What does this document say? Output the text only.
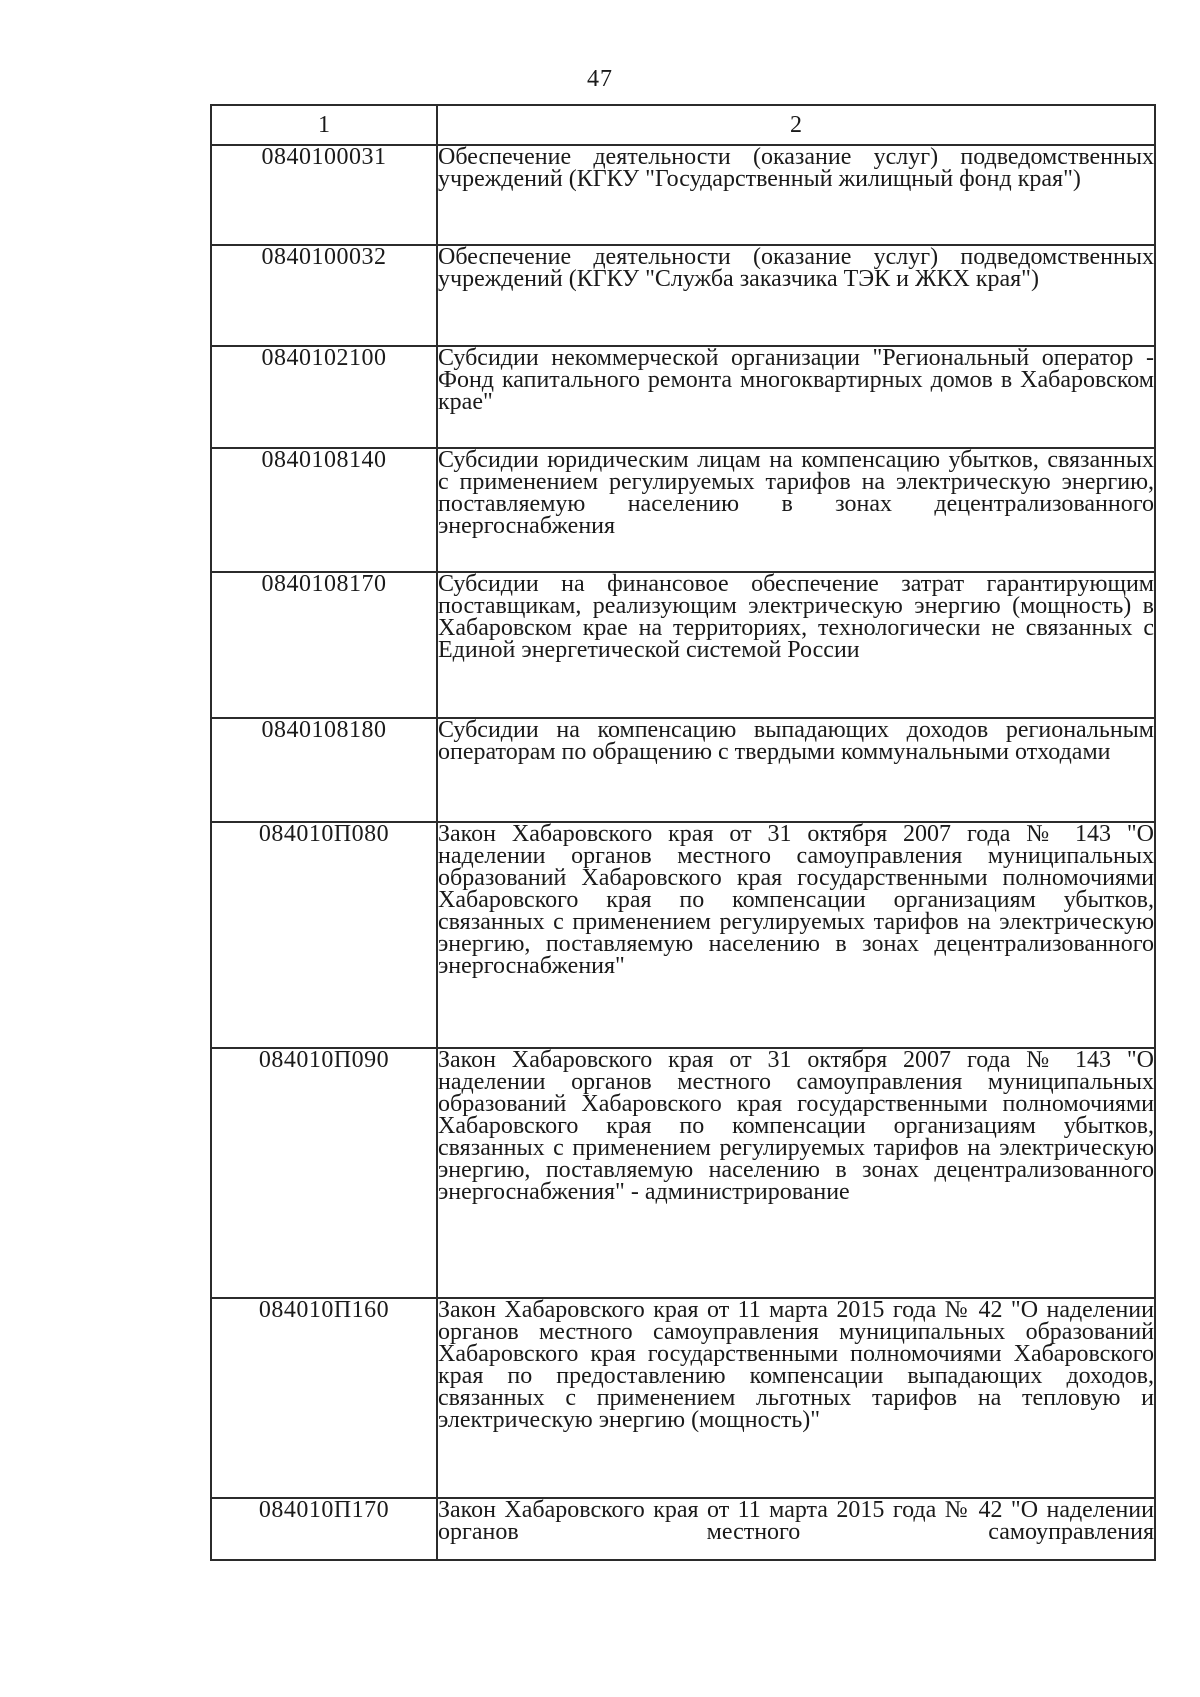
47
1	2
0840100031	Обеспечение деятельности (оказание услуг) подведомственных учреждений (КГКУ "Государственный жилищный фонд края")
0840100032	Обеспечение деятельности (оказание услуг) подведомственных учреждений (КГКУ "Служба заказчика ТЭК и ЖКХ края")
0840102100	Субсидии некоммерческой организации "Региональный оператор - Фонд капитального ремонта многоквартирных домов в Хабаровском крае"
0840108140	Субсидии юридическим лицам на компенсацию убытков, связанных с применением регулируемых тарифов на электрическую энергию, поставляемую населению в зонах децентрализованного энергоснабжения
0840108170	Субсидии на финансовое обеспечение затрат гарантирующим поставщикам, реализующим электрическую энергию (мощность) в Хабаровском крае на территориях, технологически не связанных с Единой энергетической системой России
0840108180	Субсидии на компенсацию выпадающих доходов региональным операторам по обращению с твердыми коммунальными отходами
084010П080	Закон Хабаровского края от 31 октября 2007 года № 143 "О наделении органов местного самоуправления муниципальных образований Хабаровского края государственными полномочиями Хабаровского края по компенсации организациям убытков, связанных с применением регулируемых тарифов на электрическую энергию, поставляемую населению в зонах децентрализованного энергоснабжения"
084010П090	Закон Хабаровского края от 31 октября 2007 года № 143 "О наделении органов местного самоуправления муниципальных образований Хабаровского края государственными полномочиями Хабаровского края по компенсации организациям убытков, связанных с применением регулируемых тарифов на электрическую энергию, поставляемую населению в зонах децентрализованного энергоснабжения" - администрирование
084010П160	Закон Хабаровского края от 11 марта 2015 года № 42 "О наделении органов местного самоуправления муниципальных образований Хабаровского края государственными полномочиями Хабаровского края по предоставлению компенсации выпадающих доходов, связанных с применением льготных тарифов на тепловую и электрическую энергию (мощность)"
084010П170	Закон Хабаровского края от 11 марта 2015 года № 42 "О наделении органов местного самоуправления
